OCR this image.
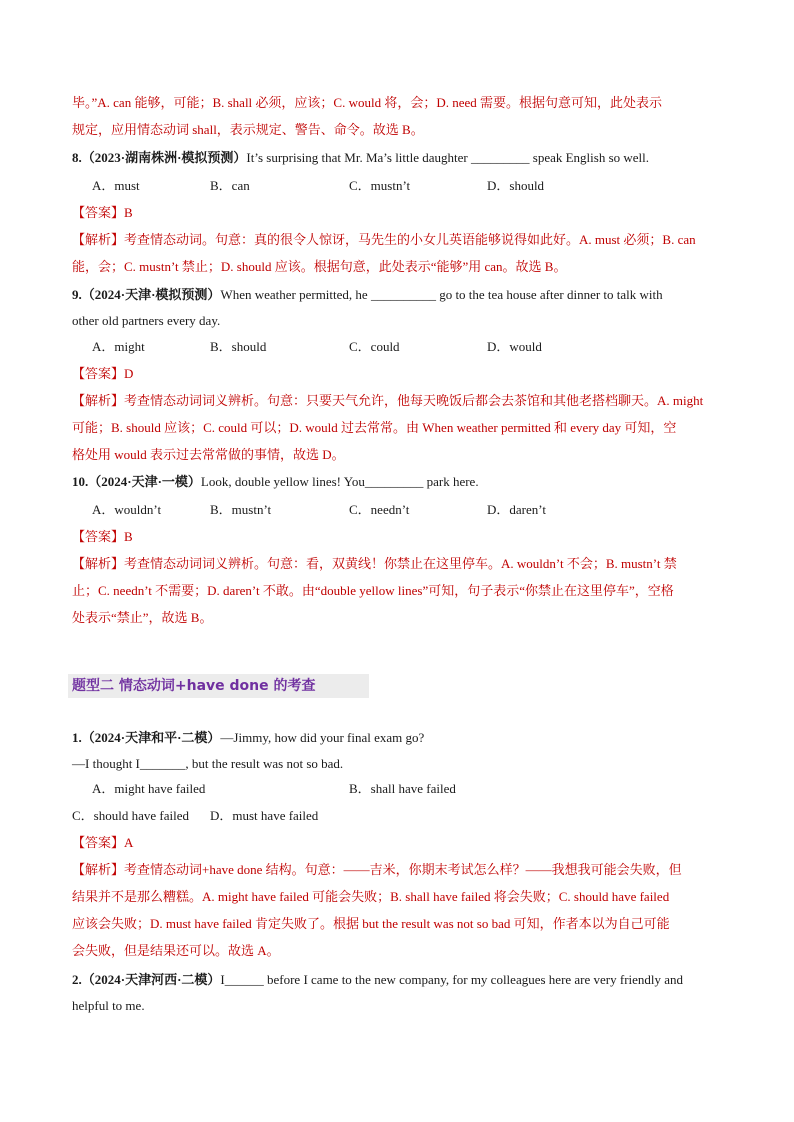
毕。”A. can 能够，可能；B. shall 必须，应该；C. would 将，会；D. need 需要。根据句意可知，此处表示
规定，应用情态动词 shall，表示规定、警告、命令。故选 B。
8.（2023·湖南株洲·模拟预测）It’s surprising that Mr. Ma’s little daughter _________ speak English so well.
A．must	B．can	C．mustn’t	D．should
【答案】B
【解析】考查情态动词。句意：真的很令人惊讶，马先生的小女儿英语能够说得如此好。A. must 必须；B. can
能，会；C. mustn’t 禁止；D. should 应该。根据句意，此处表示“能够”用 can。故选 B。
9.（2024·天津·模拟预测）When weather permitted, he __________ go to the tea house after dinner to talk with
other old partners every day.
A．might	B．should	C．could	D．would
【答案】D
【解析】考查情态动词词义辨析。句意：只要天气允许，他每天晚饭后都会去茶馆和其他老搭档聊天。A. might
可能；B. should 应该；C. could 可以；D. would 过去常常。由 When weather permitted 和 every day 可知，空
格处用 would 表示过去常常做的事情，故选 D。
10.（2024·天津·一模）Look, double yellow lines! You_________ park here.
A．wouldn’t	B．mustn’t	C．needn’t	D．daren’t
【答案】B
【解析】考查情态动词词义辨析。句意：看，双黄线！你禁止在这里停车。A. wouldn’t 不会；B. mustn’t 禁
止；C. needn’t 不需要；D. daren’t 不敢。由“double yellow lines”可知，句子表示“你禁止在这里停车”，空格
处表示“禁止”，故选 B。
题型二 情态动词+have done 的考查
1.（2024·天津和平·二模）—Jimmy, how did your final exam go?
—I thought I_______, but the result was not so bad.
A．might have failed	B．shall have failed
C．should have failed D．must have failed
【答案】A
【解析】考查情态动词+have done 结构。句意：——吉米，你期末考试怎么样？——我想我可能会失败，但
结果并不是那么糟糕。A. might have failed 可能会失败；B. shall have failed 将会失败；C. should have failed
应该会失败；D. must have failed 肯定失败了。根据 but the result was not so bad 可知，作者本以为自己可能
会失败，但是结果还可以。故选 A。
2.（2024·天津河西·二模）I______ before I came to the new company, for my colleagues here are very friendly and
helpful to me.
